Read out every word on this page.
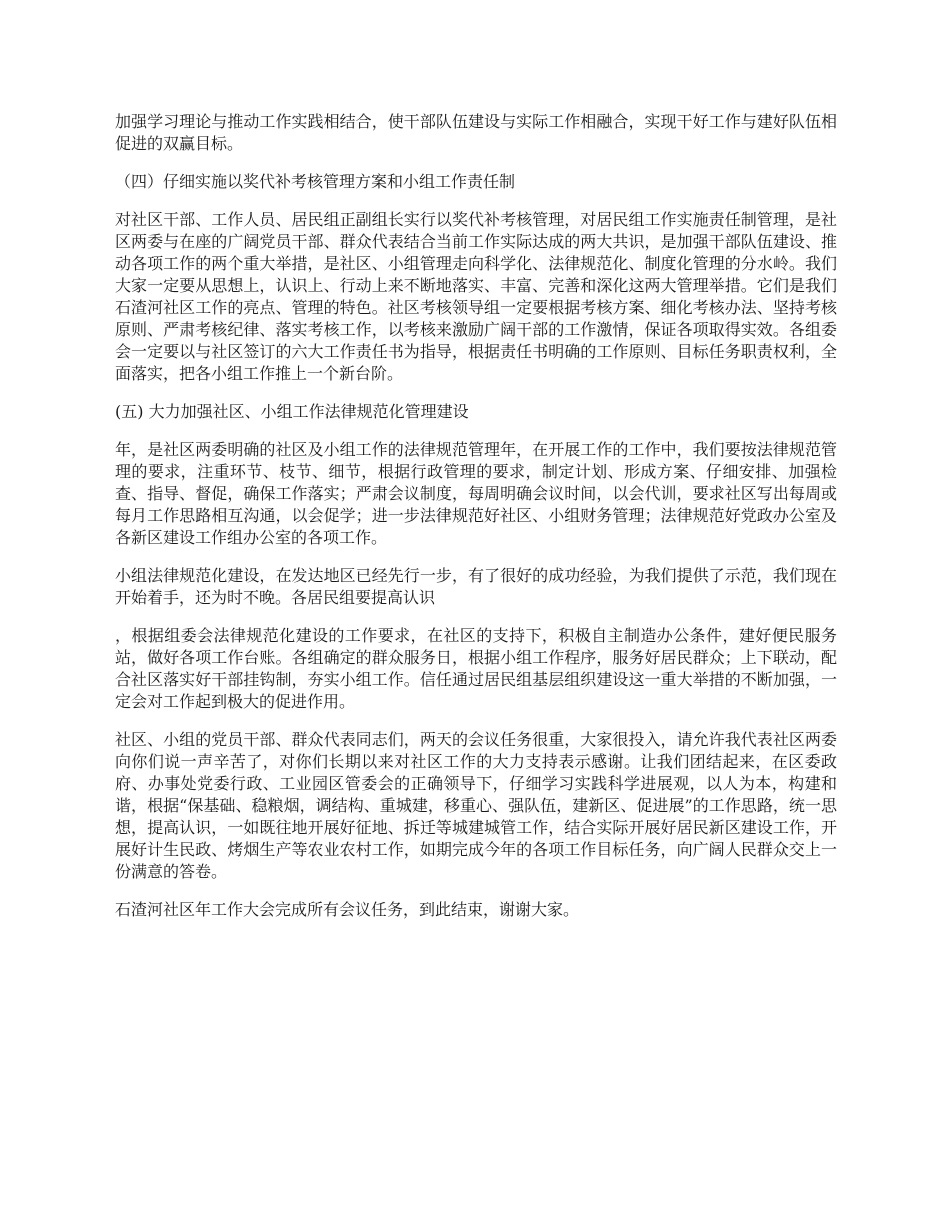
加强学习理论与推动工作实践相结合，使干部队伍建设与实际工作相融合，实现干好工作与建好队伍相促进的双赢目标。

（四）仔细实施以奖代补考核管理方案和小组工作责任制

对社区干部、工作人员、居民组正副组长实行以奖代补考核管理，对居民组工作实施责任制管理，是社区两委与在座的广阔党员干部、群众代表结合当前工作实际达成的两大共识，是加强干部队伍建设、推动各项工作的两个重大举措，是社区、小组管理走向科学化、法律规范化、制度化管理的分水岭。我们大家一定要从思想上，认识上、行动上来不断地落实、丰富、完善和深化这两大管理举措。它们是我们石渣河社区工作的亮点、管理的特色。社区考核领导组一定要根据考核方案、细化考核办法、坚持考核原则、严肃考核纪律、落实考核工作，以考核来激励广阔干部的工作激情，保证各项取得实效。各组委会一定要以与社区签订的六大工作责任书为指导，根据责任书明确的工作原则、目标任务职责权利，全面落实，把各小组工作推上一个新台阶。

(五) 大力加强社区、小组工作法律规范化管理建设

年，是社区两委明确的社区及小组工作的法律规范管理年，在开展工作的工作中，我们要按法律规范管理的要求，注重环节、枝节、细节，根据行政管理的要求，制定计划、形成方案、仔细安排、加强检查、指导、督促，确保工作落实；严肃会议制度，每周明确会议时间，以会代训，要求社区写出每周或每月工作思路相互沟通，以会促学；进一步法律规范好社区、小组财务管理；法律规范好党政办公室及各新区建设工作组办公室的各项工作。

小组法律规范化建设，在发达地区已经先行一步，有了很好的成功经验，为我们提供了示范，我们现在开始着手，还为时不晚。各居民组要提高认识

，根据组委会法律规范化建设的工作要求，在社区的支持下，积极自主制造办公条件，建好便民服务站，做好各项工作台账。各组确定的群众服务日，根据小组工作程序，服务好居民群众；上下联动，配合社区落实好干部挂钩制，夯实小组工作。信任通过居民组基层组织建设这一重大举措的不断加强，一定会对工作起到极大的促进作用。

社区、小组的党员干部、群众代表同志们，两天的会议任务很重，大家很投入，请允许我代表社区两委向你们说一声辛苦了，对你们长期以来对社区工作的大力支持表示感谢。让我们团结起来，在区委政府、办事处党委行政、工业园区管委会的正确领导下，仔细学习实践科学进展观，以人为本，构建和谐，根据“保基础、稳粮烟，调结构、重城建，移重心、强队伍，建新区、促进展”的工作思路，统一思想，提高认识，一如既往地开展好征地、拆迁等城建城管工作，结合实际开展好居民新区建设工作，开展好计生民政、烤烟生产等农业农村工作，如期完成今年的各项工作目标任务，向广阔人民群众交上一份满意的答卷。

石渣河社区年工作大会完成所有会议任务，到此结束，谢谢大家。
